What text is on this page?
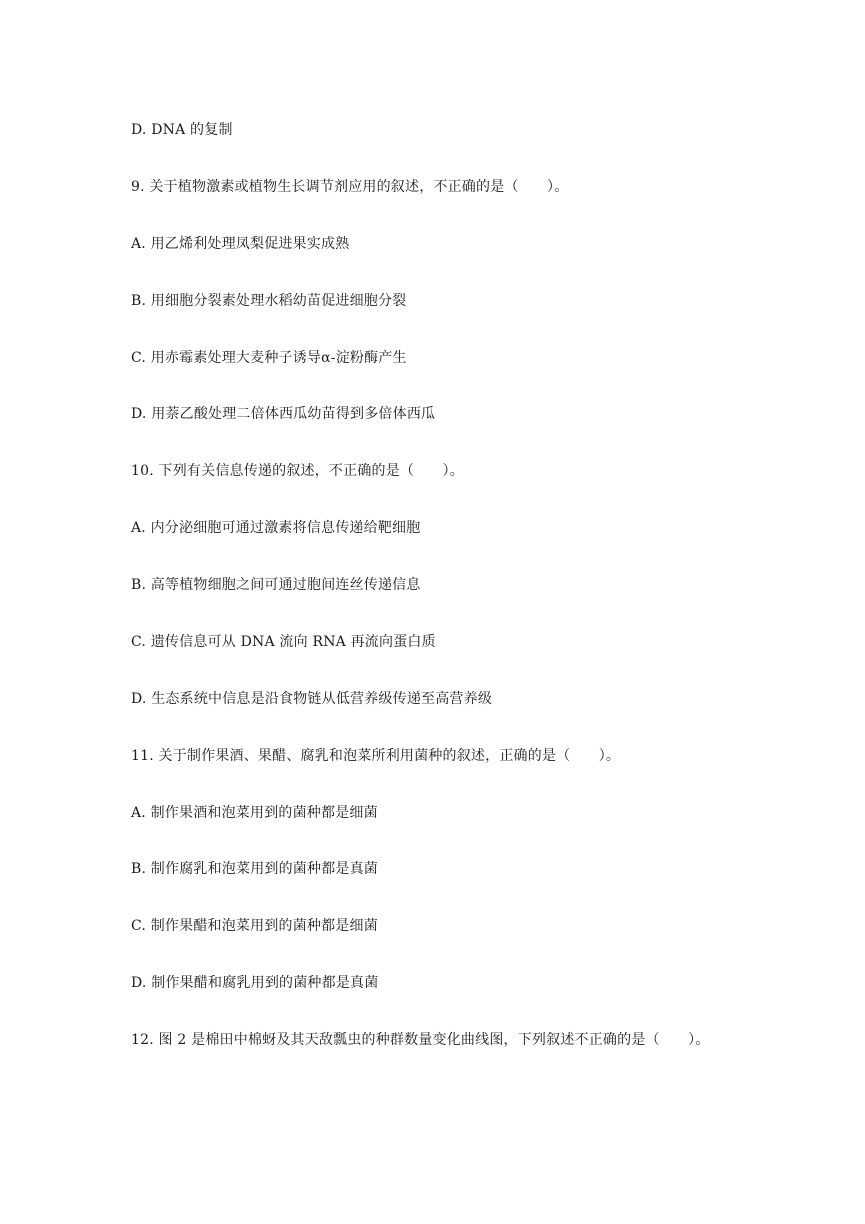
D. DNA 的复制

9. 关于植物激素或植物生长调节剂应用的叙述，不正确的是（　　）。

A. 用乙烯利处理凤梨促进果实成熟

B. 用细胞分裂素处理水稻幼苗促进细胞分裂

C. 用赤霉素处理大麦种子诱导α-淀粉酶产生

D. 用萘乙酸处理二倍体西瓜幼苗得到多倍体西瓜

10. 下列有关信息传递的叙述，不正确的是（　　）。

A. 内分泌细胞可通过激素将信息传递给靶细胞

B. 高等植物细胞之间可通过胞间连丝传递信息

C. 遗传信息可从 DNA 流向 RNA 再流向蛋白质

D. 生态系统中信息是沿食物链从低营养级传递至高营养级

11. 关于制作果酒、果醋、腐乳和泡菜所利用菌种的叙述，正确的是（　　）。

A. 制作果酒和泡菜用到的菌种都是细菌

B. 制作腐乳和泡菜用到的菌种都是真菌

C. 制作果醋和泡菜用到的菌种都是细菌

D. 制作果醋和腐乳用到的菌种都是真菌

12. 图 2 是棉田中棉蚜及其天敌瓢虫的种群数量变化曲线图，下列叙述不正确的是（　　）。
